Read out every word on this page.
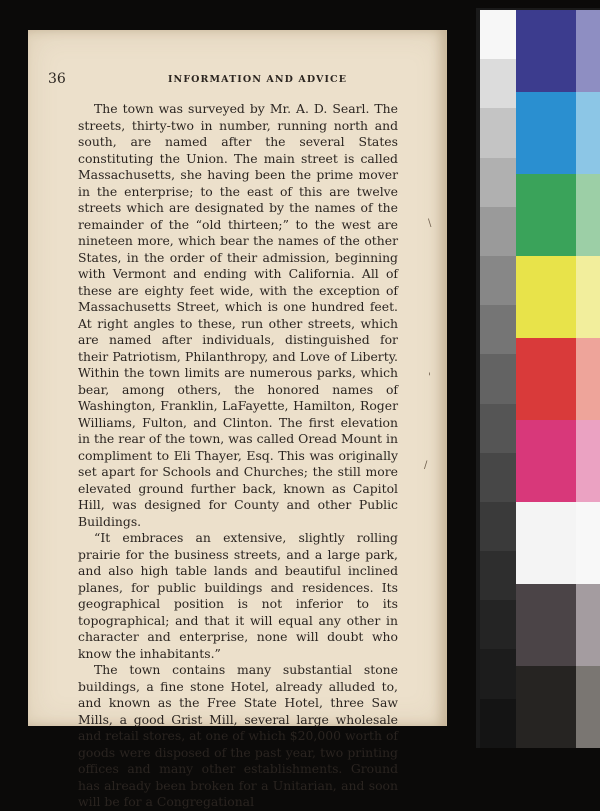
36	INFORMATION AND ADVICE

The town was surveyed by Mr. A. D. Searl. The streets, thirty-two in number, running north and south, are named after the several States constituting the Union. The main street is called Massachusetts, she having been the prime mover in the enterprise; to the east of this are twelve streets which are designated by the names of the remainder of the “old thirteen;” to the west are nineteen more, which bear the names of the other States, in the order of their admission, beginning with Vermont and ending with California. All of these are eighty feet wide, with the exception of Massachusetts Street, which is one hundred feet. At right angles to these, run other streets, which are named after individuals, distinguished for their Patriotism, Philanthropy, and Love of Liberty. Within the town limits are numerous parks, which bear, among others, the honored names of Washington, Franklin, LaFayette, Hamilton, Roger Williams, Fulton, and Clinton. The first elevation in the rear of the town, was called Oread Mount in compliment to Eli Thayer, Esq. This was originally set apart for Schools and Churches; the still more elevated ground further back, known as Capitol Hill, was designed for County and other Public Buildings.

“It embraces an extensive, slightly rolling prairie for the business streets, and a large park, and also high table lands and beautiful inclined planes, for public buildings and residences. Its geographical position is not inferior to its topographical; and that it will equal any other in character and enterprise, none will doubt who know the inhabitants.”

The town contains many substantial stone buildings, a fine stone Hotel, already alluded to, and known as the Free State Hotel, three Saw Mills, a good Grist Mill, several large wholesale and retail stores, at one of which $20,000 worth of goods were disposed of the past year, two printing offices and many other establishments. Ground has already been broken for a Unitarian, and soon will be for a Congregational

\
'
/
